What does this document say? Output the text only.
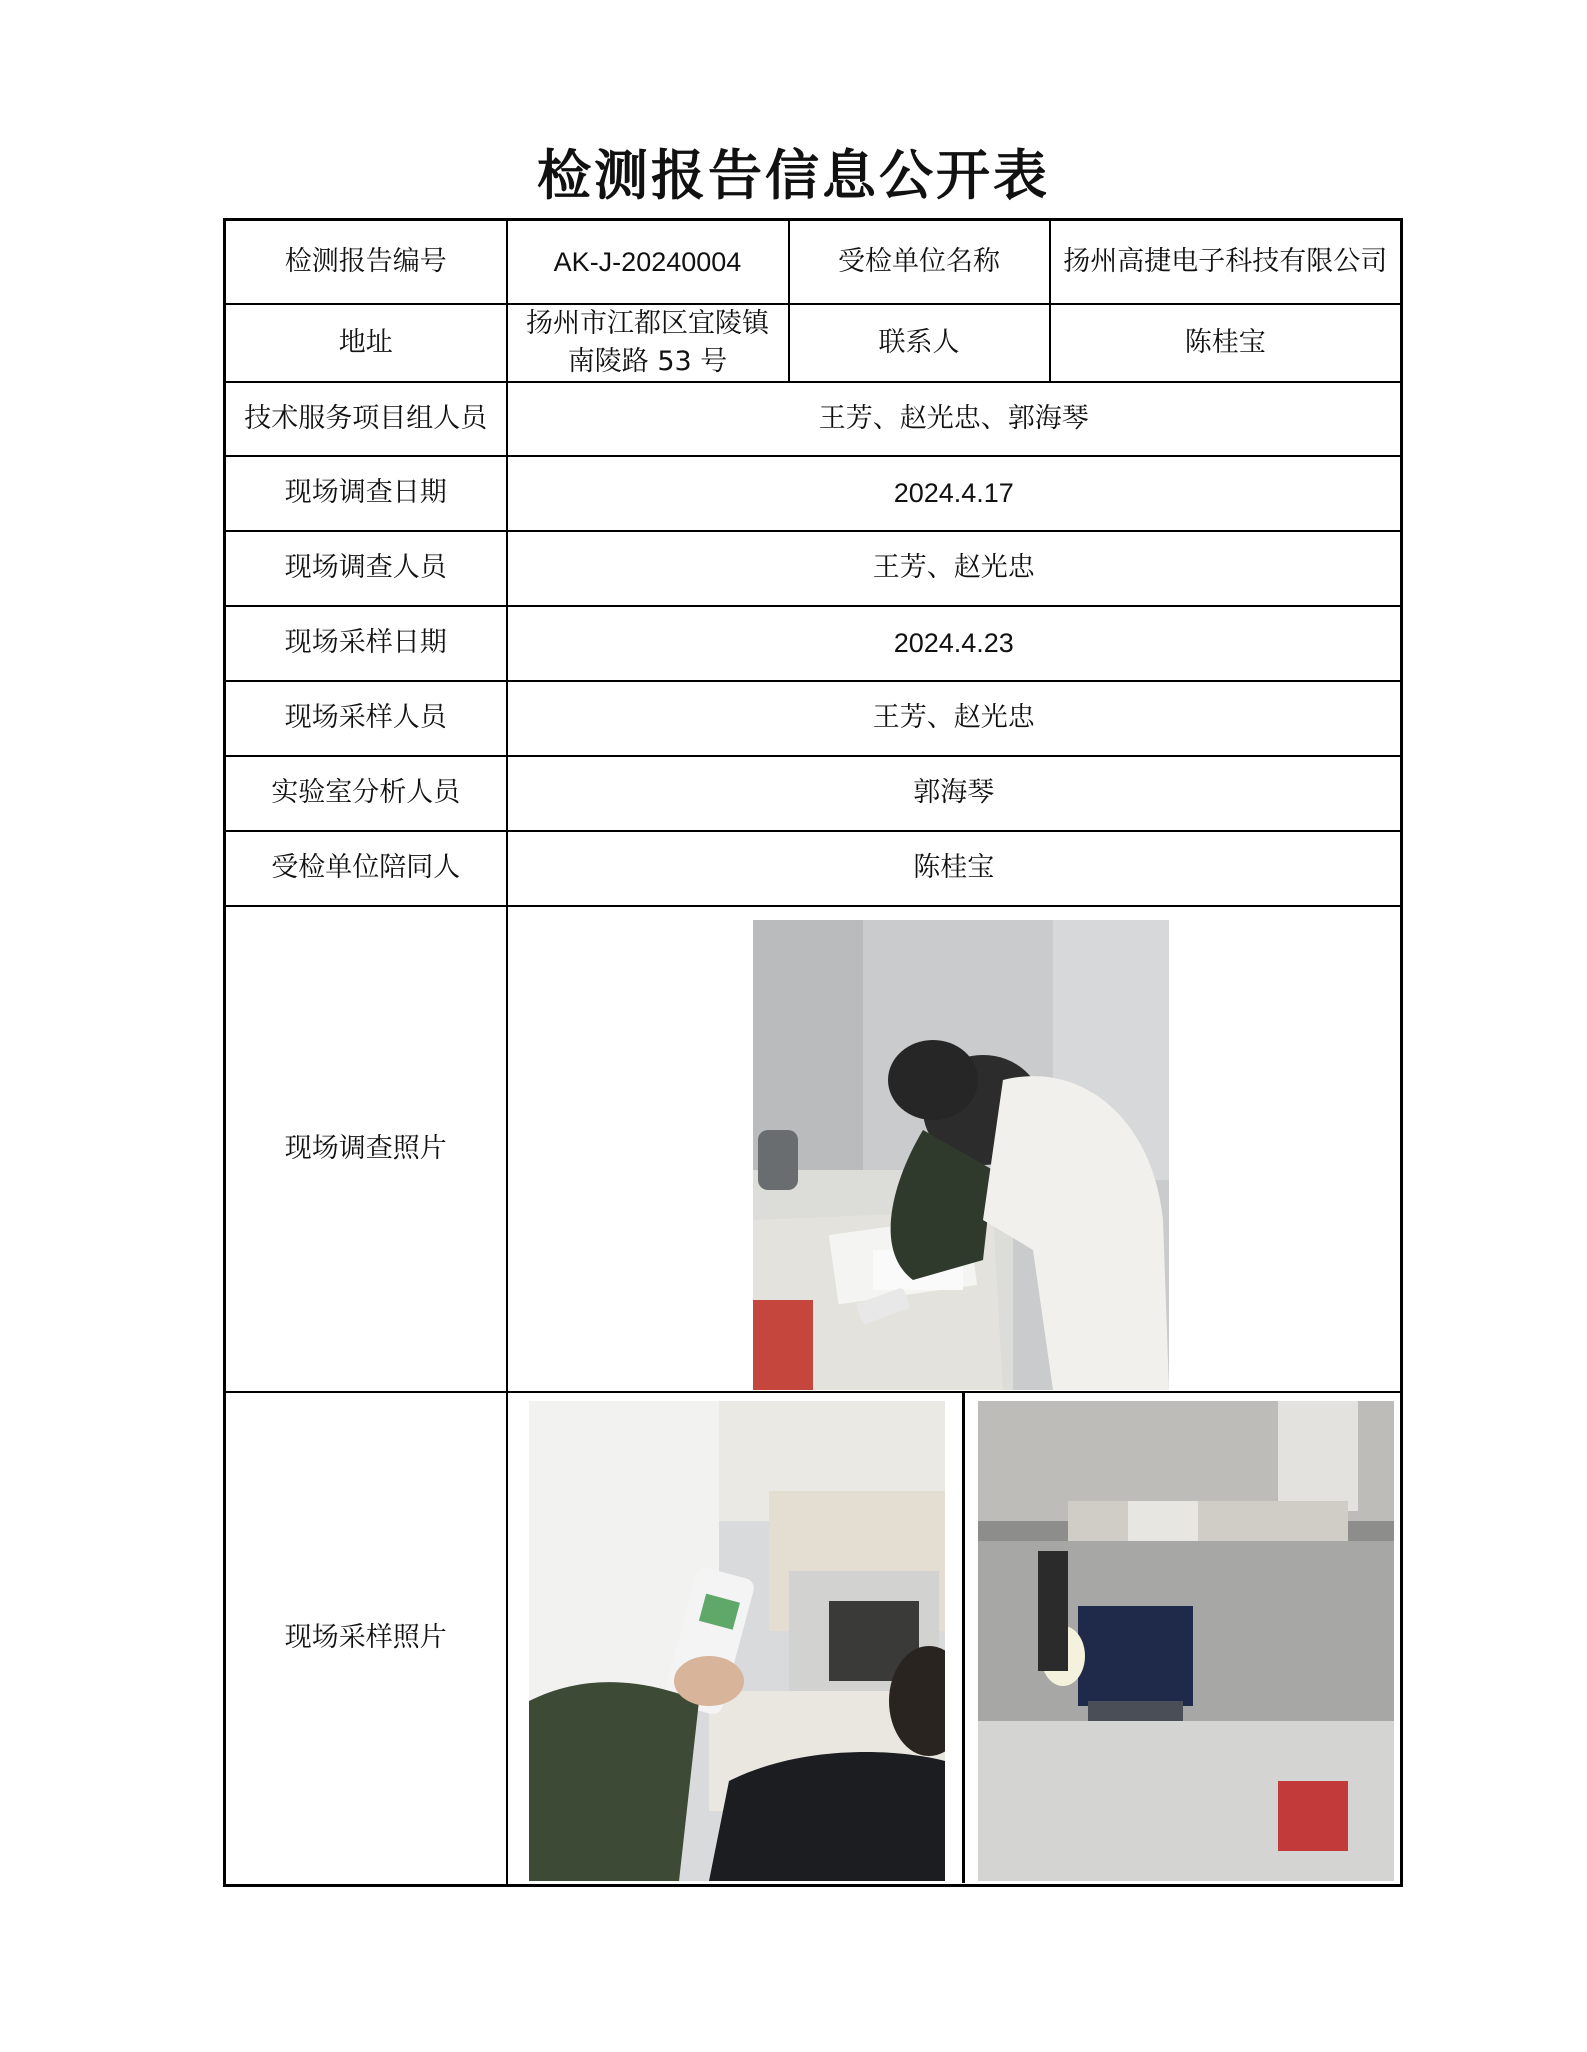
检测报告信息公开表
检测报告编号	AK-J-20240004	受检单位名称	扬州高捷电子科技有限公司
地址	扬州市江都区宜陵镇南陵路 53 号	联系人	陈桂宝
技术服务项目组人员	王芳、赵光忠、郭海琴		
现场调查日期	2024.4.17		
现场调查人员	王芳、赵光忠		
现场采样日期	2024.4.23		
现场采样人员	王芳、赵光忠		
实验室分析人员	郭海琴		
受检单位陪同人	陈桂宝		
现场调查照片	

现场采样照片	
